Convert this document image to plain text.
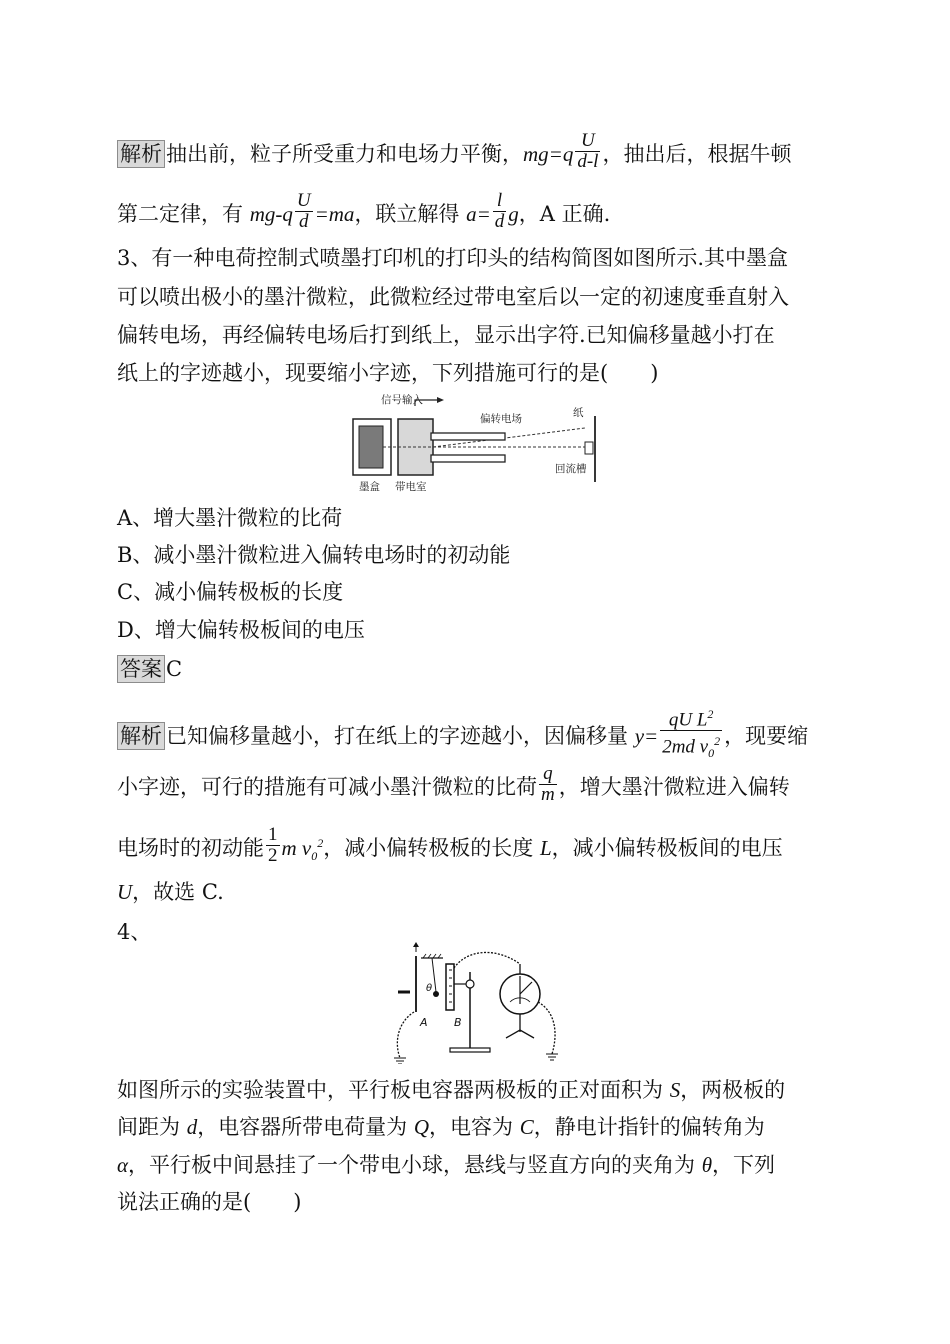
解析 抽出前，粒子所受重力和电场力平衡，$mg=q \frac{U}{d-l}$ ，抽出后，根据牛顿
第二定律，有 $mg-q \frac{U}{d} =ma$，联立解得 $a= \frac{l}{d}$ g，A 正确.
3、有一种电荷控制式喷墨打印机的打印头的结构简图如图所示.其中墨盒
可以喷出极小的墨汁微粒，此微粒经过带电室后以一定的初速度垂直射入
偏转电场，再经偏转电场后打到纸上，显示出字符.已知偏移量越小打在
纸上的字迹越小，现要缩小字迹，下列措施可行的是(　　)
信号输入
偏转电场	纸
回流槽
墨盒 带电室
A、增大墨汁微粒的比荷
B、减小墨汁微粒进入偏转电场时的初动能
C、减小偏转极板的长度
D、增大偏转极板间的电压
答案 C
解析 已知偏移量越小，打在纸上的字迹越小，因偏移量 $y= \frac{qU L^2}{2md v_0^2}$ ，现要缩
小字迹，可行的措施有可减小墨汁微粒的比荷 $\frac{q}{m}$ ，增大墨汁微粒进入偏转
电场时的初动能 $\frac{1}{2}$ m $v_0^2$，减小偏转极板的长度 L，减小偏转极板间的电压
U，故选 C.
4、
θ
A B
如图所示的实验装置中，平行板电容器两极板的正对面积为 S，两极板的
间距为 d，电容器所带电荷量为 Q，电容为 C，静电计指针的偏转角为
α，平行板中间悬挂了一个带电小球，悬线与竖直方向的夹角为 θ，下列
说法正确的是(　　)
